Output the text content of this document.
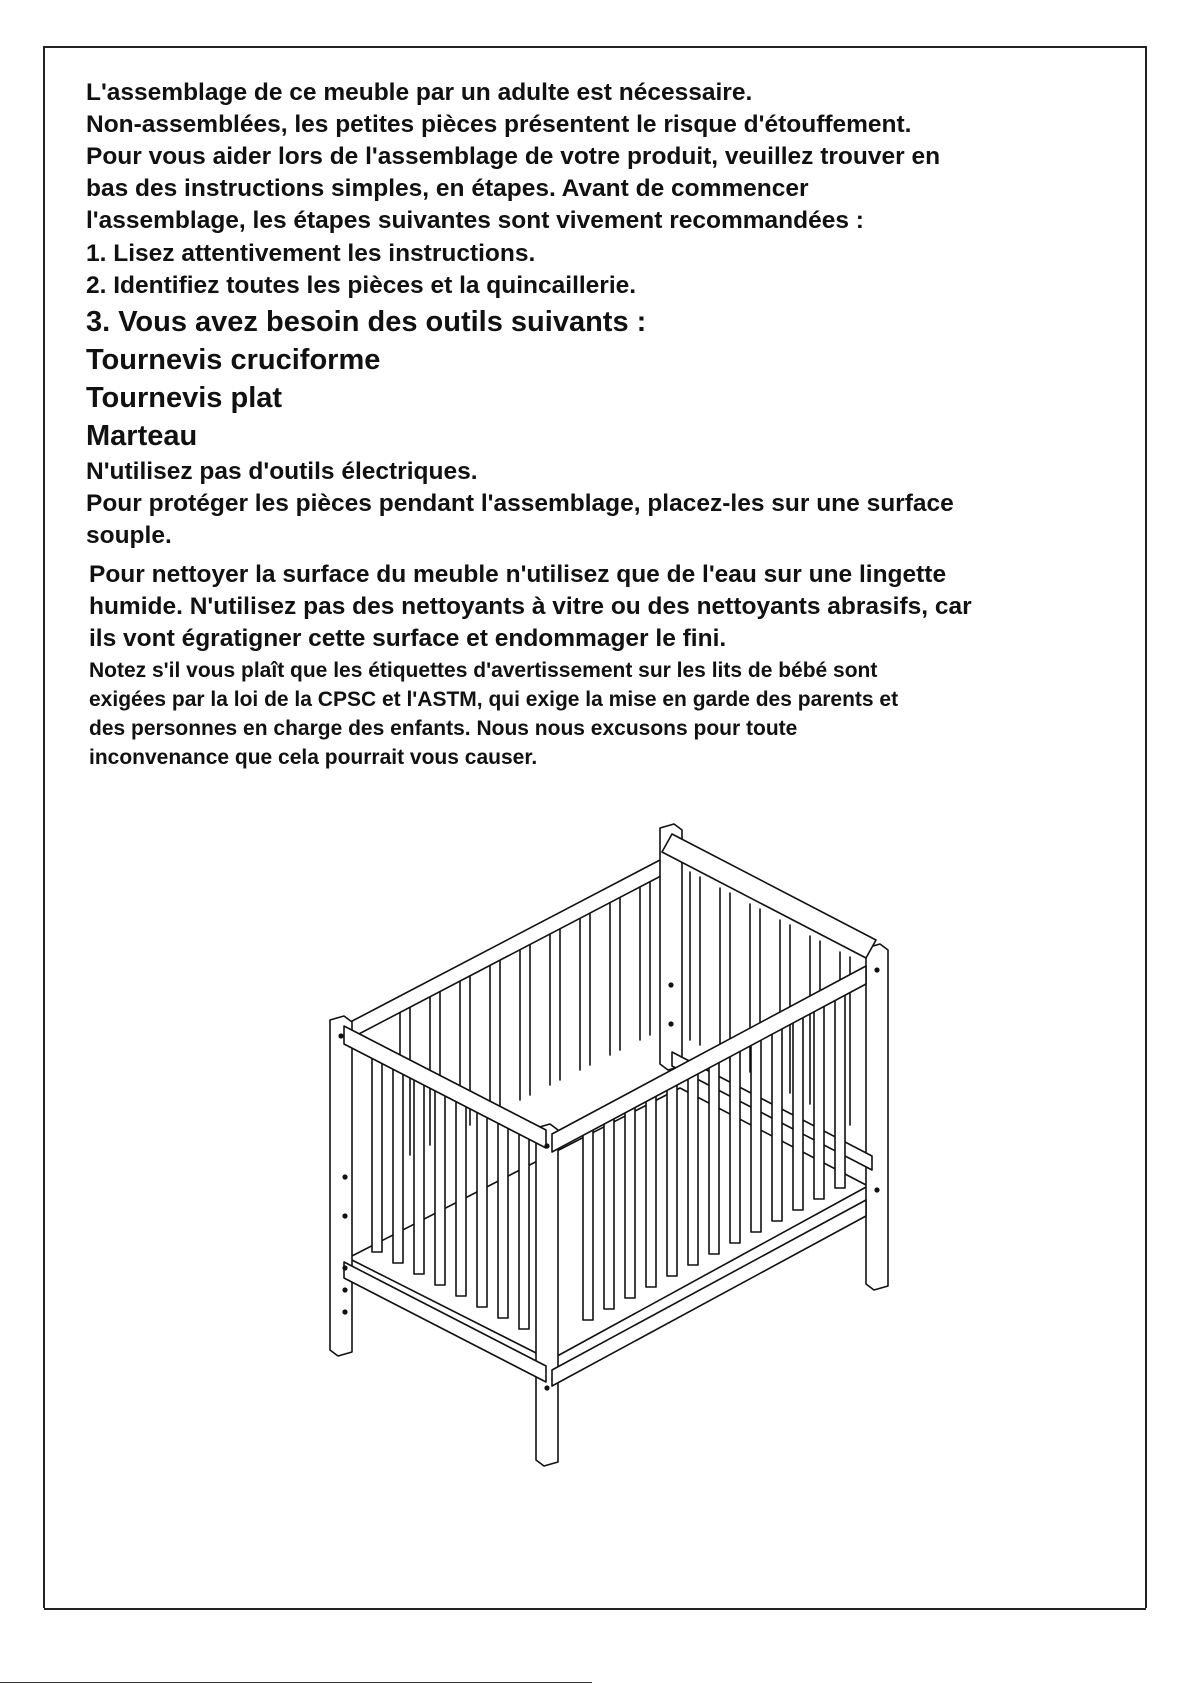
L'assemblage de ce meuble par un adulte est nécessaire.

Non-assemblées, les petites pièces présentent le risque d'étouffement.

Pour vous aider lors de l'assemblage de votre produit, veuillez trouver en

bas des instructions simples, en étapes. Avant de commencer

l'assemblage, les étapes suivantes sont vivement recommandées :

1. Lisez attentivement les instructions.

2. Identifiez toutes les pièces et la quincaillerie.

3. Vous avez besoin des outils suivants :

Tournevis cruciforme

Tournevis plat

Marteau

N'utilisez pas d'outils électriques.

Pour protéger les pièces pendant l'assemblage, placez-les sur une surface

souple.

Pour nettoyer la surface du meuble n'utilisez que de l'eau sur une lingette

humide. N'utilisez pas des nettoyants à vitre ou des nettoyants abrasifs, car

ils vont égratigner cette surface et endommager le fini.

Notez s'il vous plaît que les étiquettes d'avertissement sur les lits de bébé sont

exigées par la loi de la CPSC et l'ASTM, qui exige la mise en garde des parents et

des personnes en charge des enfants. Nous nous excusons pour toute

inconvenance que cela pourrait vous causer.
